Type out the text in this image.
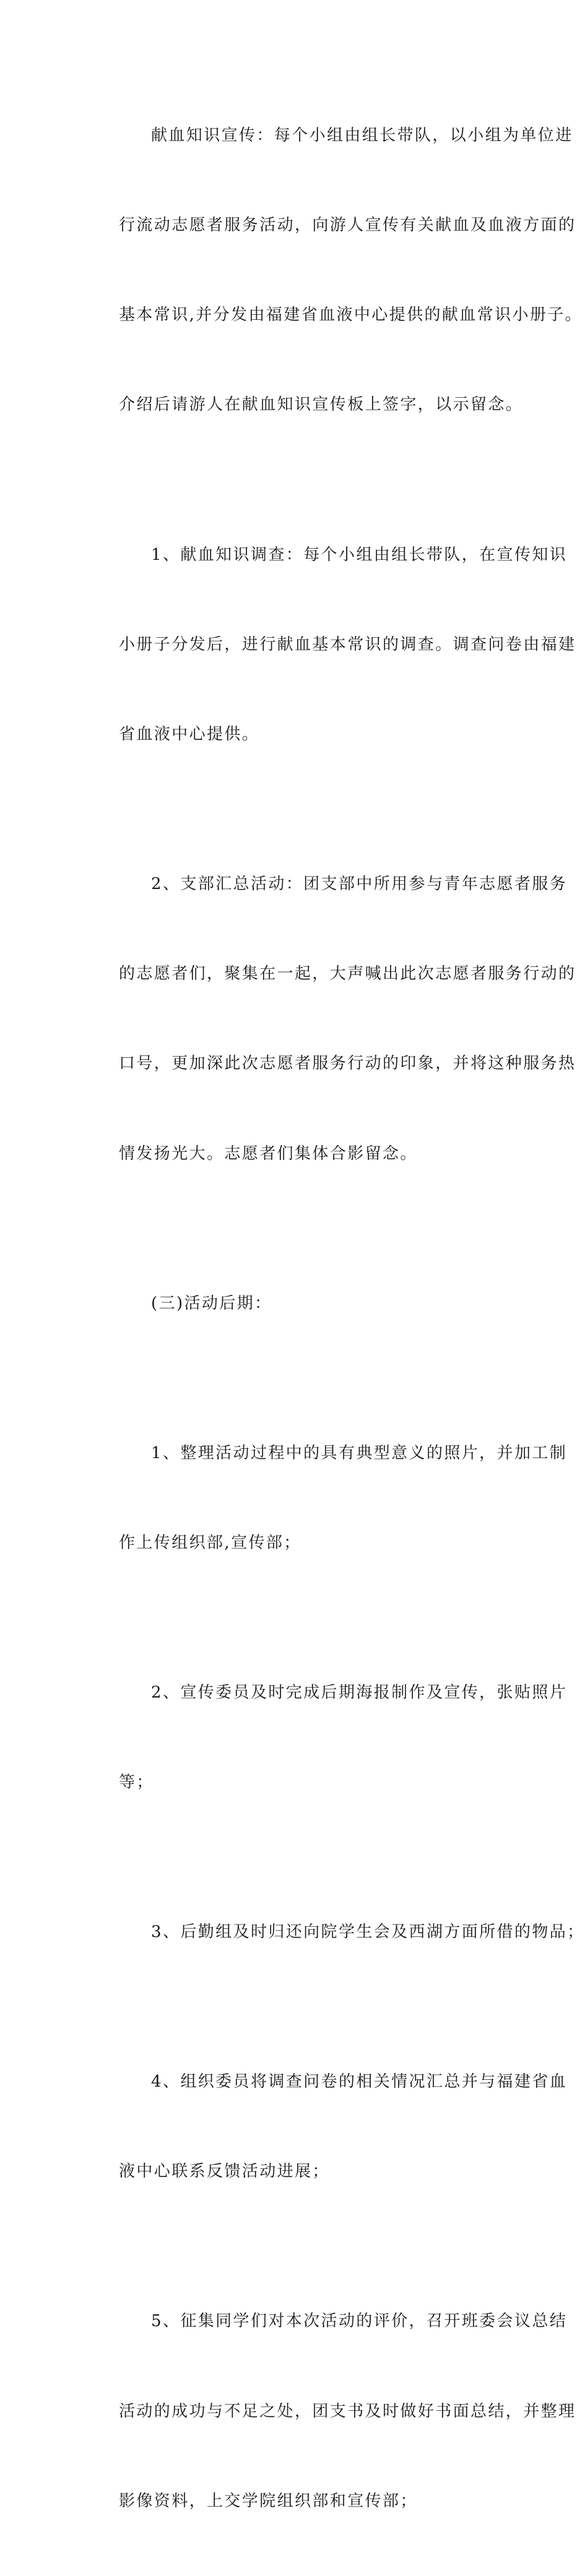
献血知识宣传：每个小组由组长带队，以小组为单位进

行流动志愿者服务活动，向游人宣传有关献血及血液方面的

基本常识,并分发由福建省血液中心提供的献血常识小册子。

介绍后请游人在献血知识宣传板上签字，以示留念。

1、献血知识调查：每个小组由组长带队，在宣传知识

小册子分发后，进行献血基本常识的调查。调查问卷由福建

省血液中心提供。

2、支部汇总活动：团支部中所用参与青年志愿者服务

的志愿者们，聚集在一起，大声喊出此次志愿者服务行动的

口号，更加深此次志愿者服务行动的印象，并将这种服务热

情发扬光大。志愿者们集体合影留念。

(三)活动后期：

1、整理活动过程中的具有典型意义的照片，并加工制

作上传组织部,宣传部；

2、宣传委员及时完成后期海报制作及宣传，张贴照片

等；

3、后勤组及时归还向院学生会及西湖方面所借的物品；

4、组织委员将调查问卷的相关情况汇总并与福建省血

液中心联系反馈活动进展；

5、征集同学们对本次活动的评价，召开班委会议总结

活动的成功与不足之处，团支书及时做好书面总结，并整理

影像资料，上交学院组织部和宣传部；
